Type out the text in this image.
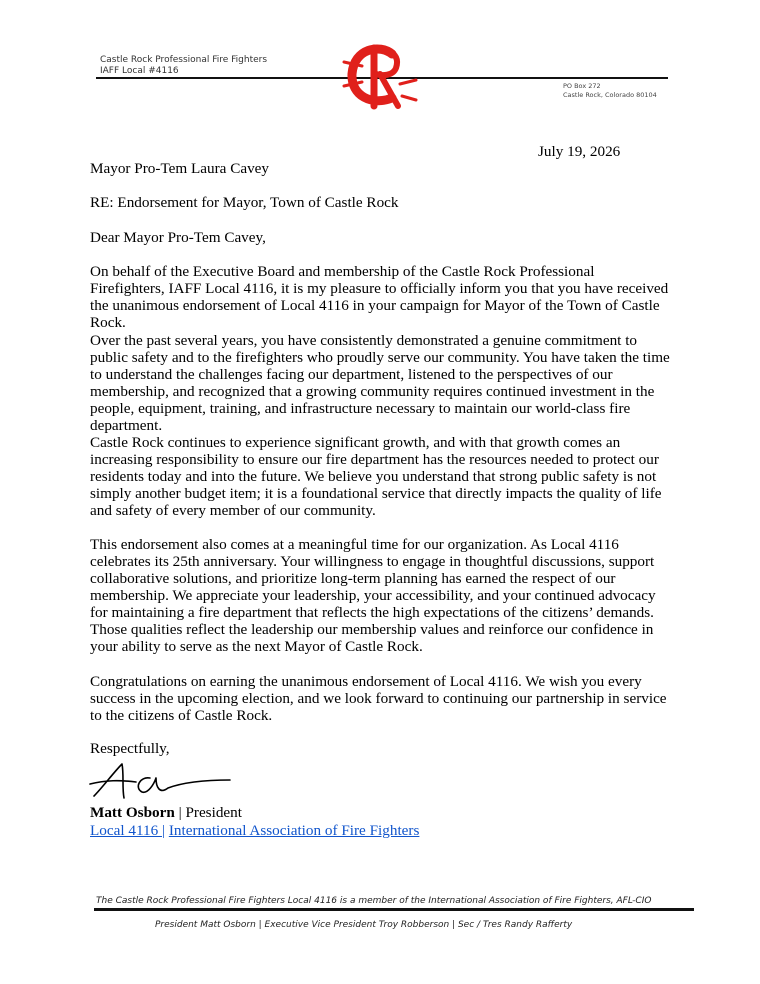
Castle Rock Professional Fire Fighters
IAFF Local #4116
PO Box 272
Castle Rock, Colorado 80104
July 19, 2026
Mayor Pro-Tem Laura Cavey
RE: Endorsement for Mayor, Town of Castle Rock
Dear Mayor Pro-Tem Cavey,

On behalf of the Executive Board and membership of the Castle Rock Professional Firefighters, IAFF Local 4116, it is my pleasure to officially inform you that you have received the unanimous endorsement of Local 4116 in your campaign for Mayor of the Town of Castle Rock.

Over the past several years, you have consistently demonstrated a genuine commitment to public safety and to the firefighters who proudly serve our community. You have taken the time to understand the challenges facing our department, listened to the perspectives of our membership, and recognized that a growing community requires continued investment in the people, equipment, training, and infrastructure necessary to maintain our world-class fire department.

Castle Rock continues to experience significant growth, and with that growth comes an increasing responsibility to ensure our fire department has the resources needed to protect our residents today and into the future. We believe you understand that strong public safety is not simply another budget item; it is a foundational service that directly impacts the quality of life and safety of every member of our community.

This endorsement also comes at a meaningful time for our organization. As Local 4116 celebrates its 25th anniversary. Your willingness to engage in thoughtful discussions, support collaborative solutions, and prioritize long-term planning has earned the respect of our membership. We appreciate your leadership, your accessibility, and your continued advocacy for maintaining a fire department that reflects the high expectations of the citizens’ demands. Those qualities reflect the leadership our membership values and reinforce our confidence in your ability to serve as the next Mayor of Castle Rock.

Congratulations on earning the unanimous endorsement of Local 4116. We wish you every success in the upcoming election, and we look forward to continuing our partnership in service to the citizens of Castle Rock.

Respectfully,
Matt Osborn | President
Local 4116 | International Association of Fire Fighters
The Castle Rock Professional Fire Fighters Local 4116 is a member of the International Association of Fire Fighters, AFL-CIO
President Matt Osborn | Executive Vice President Troy Robberson | Sec / Tres Randy Rafferty
